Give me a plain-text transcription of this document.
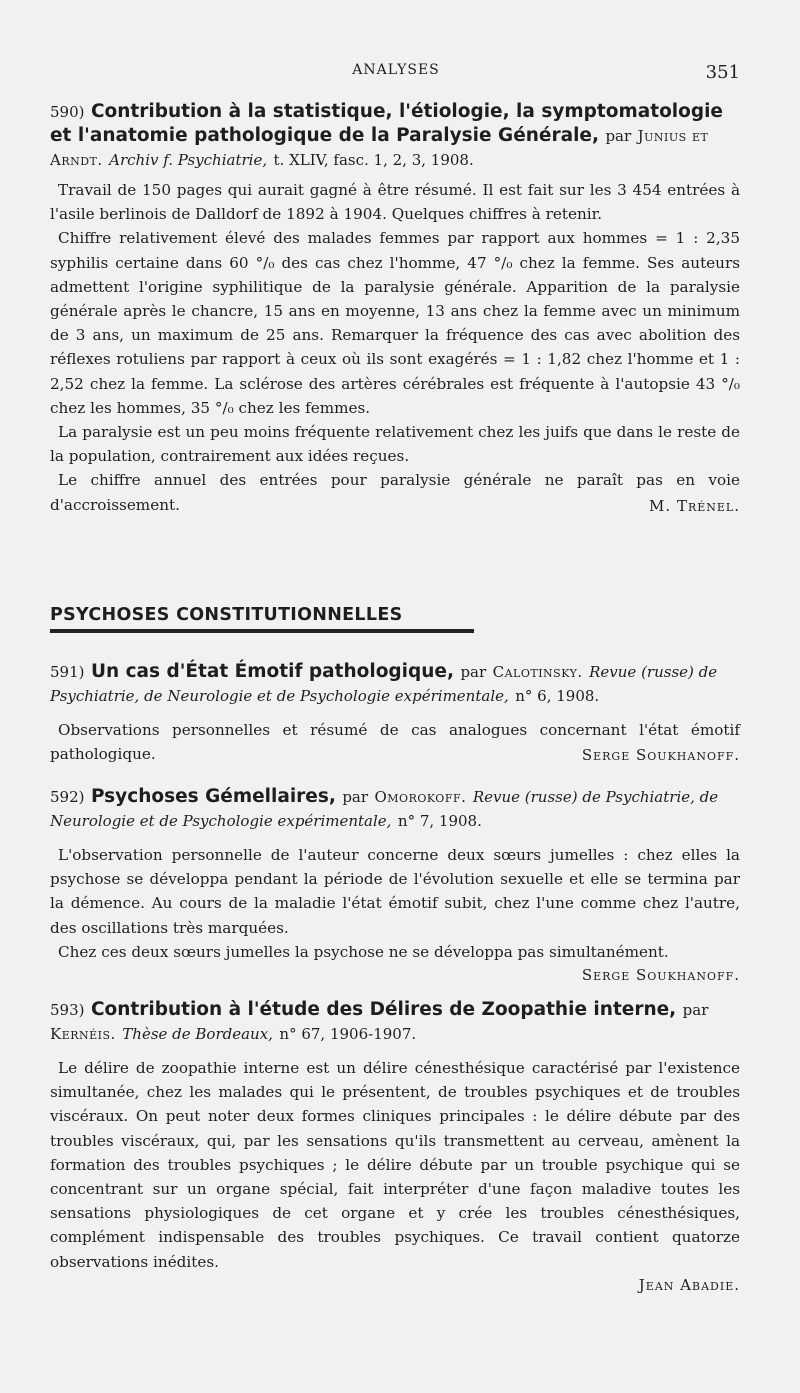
ANALYSES	351
590) Contribution à la statistique, l'étiologie, la symptomatologie et l'anatomie pathologique de la Paralysie Générale, par Junius et Arndt. Archiv f. Psychiatrie, t. XLIV, fasc. 1, 2, 3, 1908.

Travail de 150 pages qui aurait gagné à être résumé. Il est fait sur les 3 454 entrées à l'asile berlinois de Dalldorf de 1892 à 1904. Quelques chiffres à retenir.

Chiffre relativement élevé des malades femmes par rapport aux hommes = 1 : 2,35 syphilis certaine dans 60 °/₀ des cas chez l'homme, 47 °/₀ chez la femme. Ses auteurs admettent l'origine syphilitique de la paralysie générale. Apparition de la paralysie générale après le chancre, 15 ans en moyenne, 13 ans chez la femme avec un minimum de 3 ans, un maximum de 25 ans. Remarquer la fréquence des cas avec abolition des réflexes rotuliens par rapport à ceux où ils sont exagérés = 1 : 1,82 chez l'homme et 1 : 2,52 chez la femme. La sclérose des artères cérébrales est fréquente à l'autopsie 43 °/₀ chez les hommes, 35 °/₀ chez les femmes.

La paralysie est un peu moins fréquente relativement chez les juifs que dans le reste de la population, contrairement aux idées reçues.

Le chiffre annuel des entrées pour paralysie générale ne paraît pas en voie d'accroissement.	M. Trénel.
PSYCHOSES CONSTITUTIONNELLES
591) Un cas d'État Émotif pathologique, par Calotinsky. Revue (russe) de Psychiatrie, de Neurologie et de Psychologie expérimentale, n° 6, 1908.

Observations personnelles et résumé de cas analogues concernant l'état émotif pathologique.	Serge Soukhanoff.
592) Psychoses Gémellaires, par Omorokoff. Revue (russe) de Psychiatrie, de Neurologie et de Psychologie expérimentale, n° 7, 1908.

L'observation personnelle de l'auteur concerne deux sœurs jumelles : chez elles la psychose se développa pendant la période de l'évolution sexuelle et elle se termina par la démence. Au cours de la maladie l'état émotif subit, chez l'une comme chez l'autre, des oscillations très marquées.

Chez ces deux sœurs jumelles la psychose ne se développa pas simultanément.

Serge Soukhanoff.
593) Contribution à l'étude des Délires de Zoopathie interne, par Kernéis. Thèse de Bordeaux, n° 67, 1906-1907.

Le délire de zoopathie interne est un délire cénesthésique caractérisé par l'existence simultanée, chez les malades qui le présentent, de troubles psychiques et de troubles viscéraux. On peut noter deux formes cliniques principales : le délire débute par des troubles viscéraux, qui, par les sensations qu'ils transmettent au cerveau, amènent la formation des troubles psychiques ; le délire débute par un trouble psychique qui se concentrant sur un organe spécial, fait interpréter d'une façon maladive toutes les sensations physiologiques de cet organe et y crée les troubles cénesthésiques, complément indispensable des troubles psychiques. Ce travail contient quatorze observations inédites.

Jean Abadie.
